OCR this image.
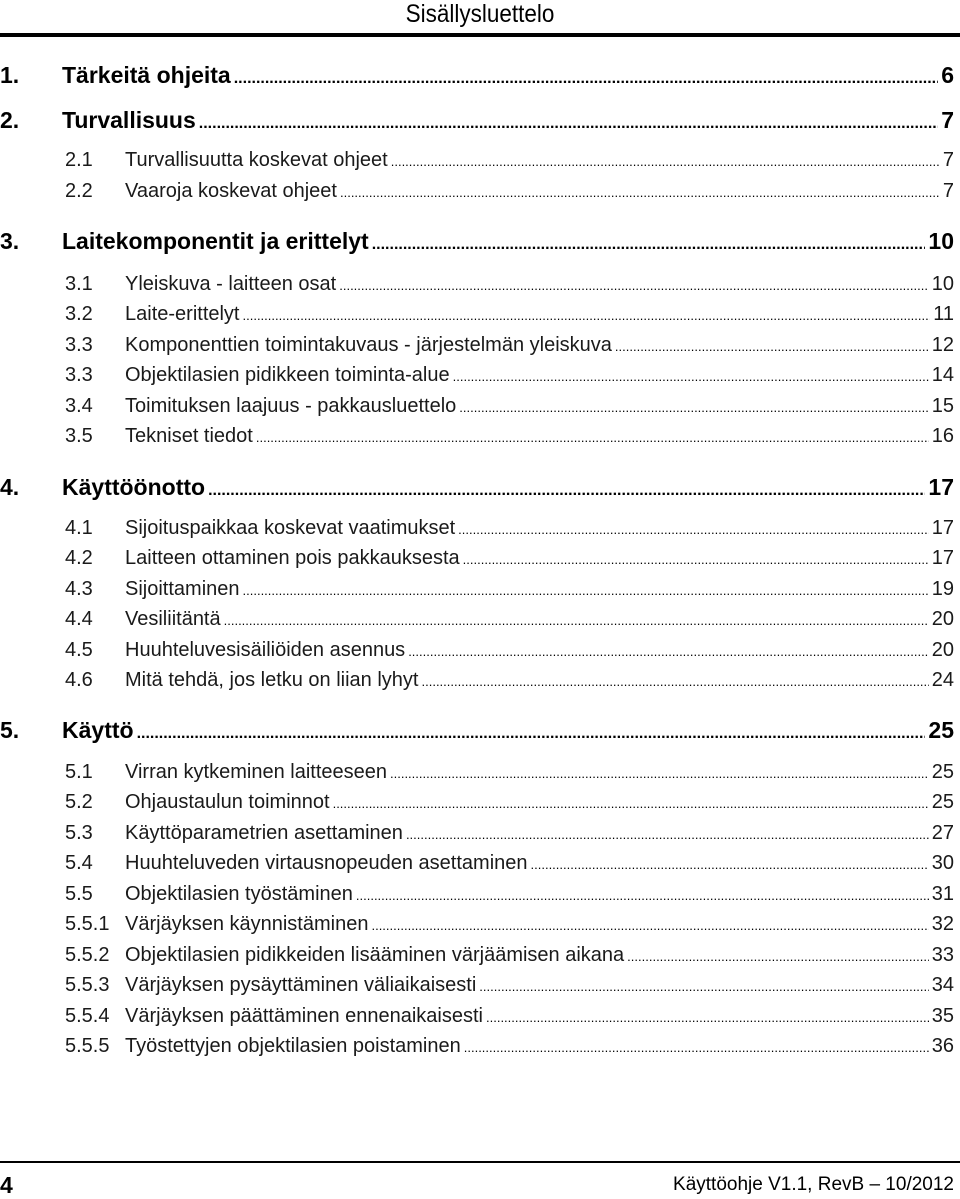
Sisällysluettelo
1.	Tärkeitä ohjeita .....	6
2.	Turvallisuus .....	7
2.1	Turvallisuutta koskevat ohjeet .....	7
2.2	Vaaroja koskevat ohjeet .....	7
3.	Laitekomponentit ja erittelyt .....	10
3.1	Yleiskuva - laitteen osat .....	10
3.2	Laite-erittelyt .....	11
3.3	Komponenttien toimintakuvaus - järjestelmän yleiskuva .....	12
3.3	Objektilasien pidikkeen toiminta-alue .....	14
3.4	Toimituksen laajuus - pakkausluettelo .....	15
3.5	Tekniset tiedot .....	16
4.	Käyttöönotto .....	17
4.1	Sijoituspaikkaa koskevat vaatimukset .....	17
4.2	Laitteen ottaminen pois pakkauksesta .....	17
4.3	Sijoittaminen .....	19
4.4	Vesiliitäntä .....	20
4.5	Huuhteluvesisäiliöiden asennus .....	20
4.6	Mitä tehdä, jos letku on liian lyhyt .....	24
5.	Käyttö .....	25
5.1	Virran kytkeminen laitteeseen .....	25
5.2	Ohjaustaulun toiminnot .....	25
5.3	Käyttöparametrien asettaminen .....	27
5.4	Huuhteluveden virtausnopeuden asettaminen .....	30
5.5	Objektilasien työstäminen .....	31
5.5.1 Värjäyksen käynnistäminen .....	32
5.5.2 Objektilasien pidikkeiden lisääminen värjäämisen aikana .....	33
5.5.3 Värjäyksen pysäyttäminen väliaikaisesti .....	34
5.5.4 Värjäyksen päättäminen ennenaikaisesti .....	35
5.5.5 Työstettyjen objektilasien poistaminen .....	36
4	Käyttöohje V1.1, RevB – 10/2012
